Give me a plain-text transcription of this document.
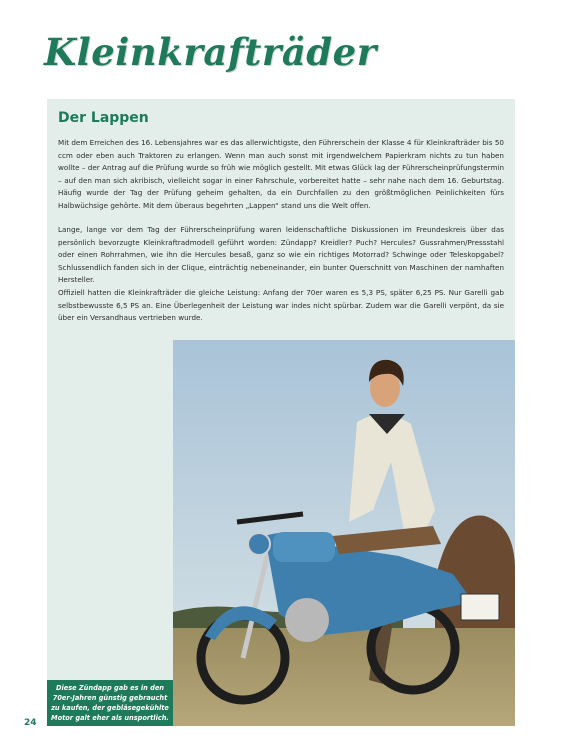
Kleinkrafträder
Der Lappen

Mit dem Erreichen des 16. Lebensjahres war es das allerwichtigste, den Führerschein der Klasse 4 für Kleinkrafträder bis 50 ccm oder eben auch Traktoren zu erlangen. Wenn man auch sonst mit irgendwelchem Papierkram nichts zu tun haben wollte – der Antrag auf die Prüfung wurde so früh wie möglich gestellt. Mit etwas Glück lag der Führerscheinprüfungstermin – auf den man sich akribisch, vielleicht sogar in einer Fahrschule, vorbereitet hatte – sehr nahe nach dem 16. Geburtstag. Häufig wurde der Tag der Prüfung geheim gehalten, da ein Durchfallen zu den größtmöglichen Peinlichkeiten fürs Halbwüchsige gehörte. Mit dem überaus begehrten „Lappen“ stand uns die Welt offen.

Lange, lange vor dem Tag der Führerscheinprüfung waren leidenschaftliche Diskussionen im Freundeskreis über das persönlich bevorzugte Kleinkraftradmodell geführt worden: Zündapp? Kreidler? Puch? Hercules? Gussrahmen/Pressstahl oder einen Rohrrahmen, wie ihn die Hercules besaß, ganz so wie ein richtiges Motorrad? Schwinge oder Teleskopgabel? Schlussendlich fanden sich in der Clique, einträchtig nebeneinander, ein bunter Querschnitt von Maschinen der namhaften Hersteller.

Offiziell hatten die Kleinkrafträder die gleiche Leistung: Anfang der 70er waren es 5,3 PS, später 6,25 PS. Nur Garelli gab selbstbewusste 6,5 PS an. Eine Überlegenheit der Leistung war indes nicht spürbar. Zudem war die Garelli verpönt, da sie über ein Versandhaus vertrieben wurde.

Diese Zündapp gab es in den 70er-Jahren günstig gebraucht zu kaufen, der gebläsegekühlte Motor galt eher als unsportlich.
24
